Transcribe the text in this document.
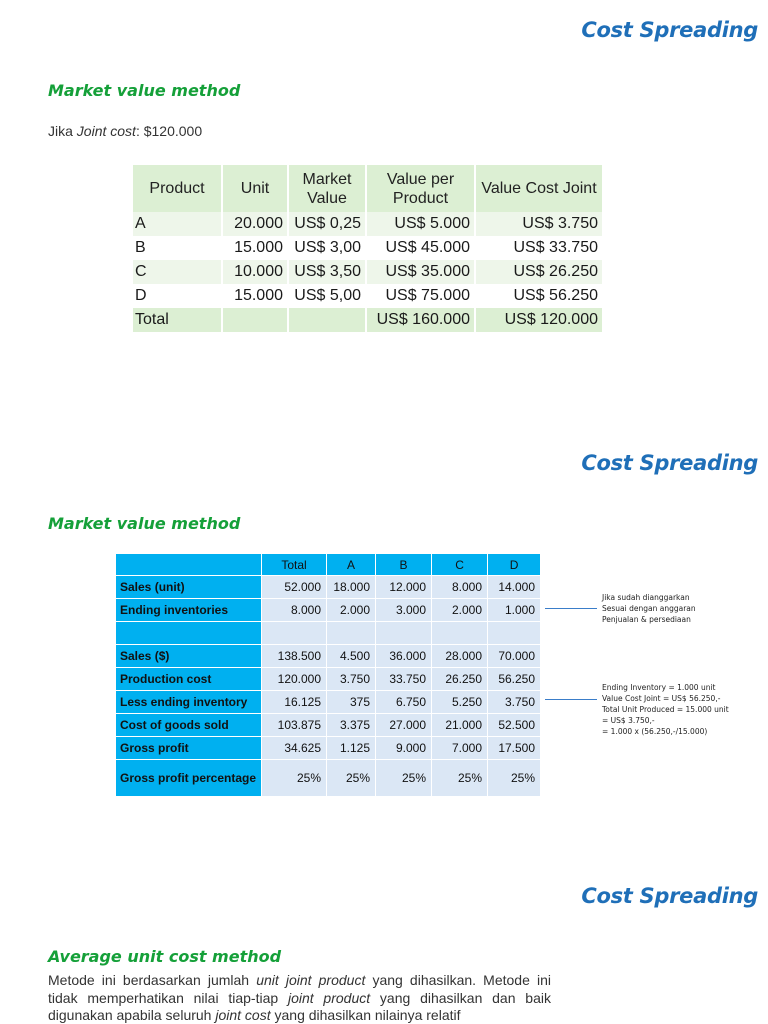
Cost Spreading
Market value method
Jika Joint cost: $120.000
Product	Unit	Market Value	Value per Product	Value Cost Joint
A	20.000	US$ 0,25	US$ 5.000	US$ 3.750
B	15.000	US$ 3,00	US$ 45.000	US$ 33.750
C	10.000	US$ 3,50	US$ 35.000	US$ 26.250
D	15.000	US$ 5,00	US$ 75.000	US$ 56.250
Total			US$ 160.000	US$ 120.000
Cost Spreading
Market value method
	Total	A	B	C	D
Sales (unit)	52.000	18.000	12.000	8.000	14.000
Ending inventories	8.000	2.000	3.000	2.000	1.000

Sales ($)	138.500	4.500	36.000	28.000	70.000
Production cost	120.000	3.750	33.750	26.250	56.250
Less ending inventory	16.125	375	6.750	5.250	3.750
Cost of goods sold	103.875	3.375	27.000	21.000	52.500
Gross profit	34.625	1.125	9.000	7.000	17.500
Gross profit percentage	25%	25%	25%	25%	25%
Jika sudah dianggarkan
Sesuai dengan anggaran
Penjualan & persediaan
Ending Inventory = 1.000 unit
Value Cost Joint = US$ 56.250,-
Total Unit Produced = 15.000 unit
= US$ 3.750,-
= 1.000 x (56.250,-/15.000)
Cost Spreading
Average unit cost method
Metode ini berdasarkan jumlah unit joint product yang dihasilkan. Metode ini tidak memperhatikan nilai tiap-tiap joint product yang dihasilkan dan baik digunakan apabila seluruh joint cost yang dihasilkan nilainya relatif
